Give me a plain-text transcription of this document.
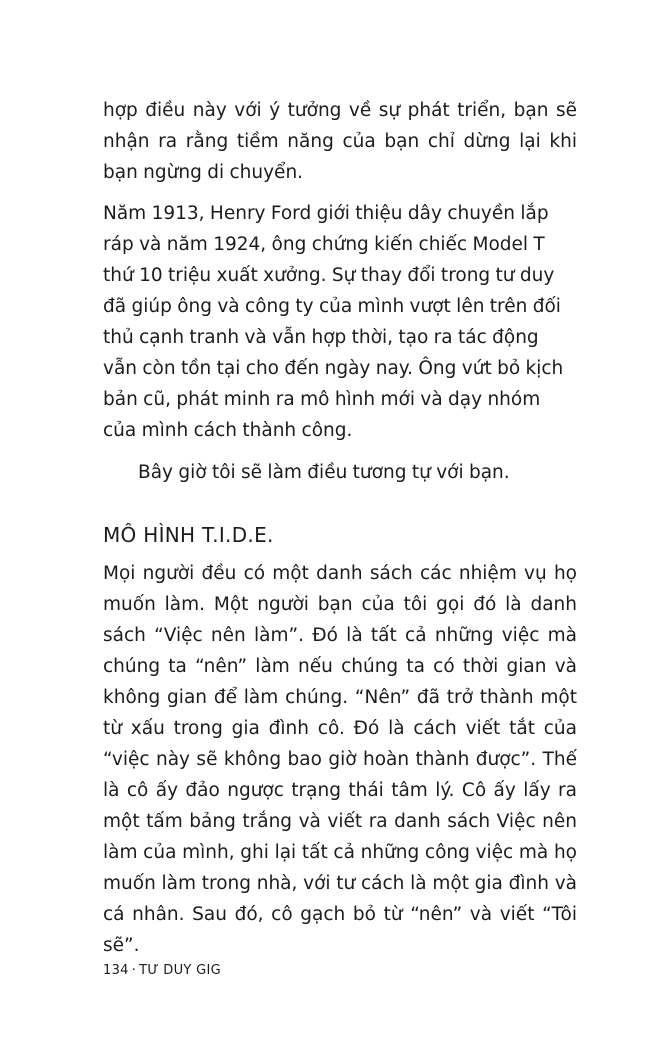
hợp điều này với ý tưởng về sự phát triển, bạn sẽ nhận ra rằng tiềm năng của bạn chỉ dừng lại khi bạn ngừng di chuyển.

Năm 1913, Henry Ford giới thiệu dây chuyền lắp ráp và năm 1924, ông chứng kiến chiếc Model T thứ 10 triệu xuất xưởng. Sự thay đổi trong tư duy đã giúp ông và công ty của mình vượt lên trên đối thủ cạnh tranh và vẫn hợp thời, tạo ra tác động vẫn còn tồn tại cho đến ngày nay. Ông vứt bỏ kịch bản cũ, phát minh ra mô hình mới và dạy nhóm của mình cách thành công.

Bây giờ tôi sẽ làm điều tương tự với bạn.

MÔ HÌNH T.I.D.E.

Mọi người đều có một danh sách các nhiệm vụ họ muốn làm. Một người bạn của tôi gọi đó là danh sách “Việc nên làm”. Đó là tất cả những việc mà chúng ta “nên” làm nếu chúng ta có thời gian và không gian để làm chúng. “Nên” đã trở thành một từ xấu trong gia đình cô. Đó là cách viết tắt của “việc này sẽ không bao giờ hoàn thành được”. Thế là cô ấy đảo ngược trạng thái tâm lý. Cô ấy lấy ra một tấm bảng trắng và viết ra danh sách Việc nên làm của mình, ghi lại tất cả những công việc mà họ muốn làm trong nhà, với tư cách là một gia đình và cá nhân. Sau đó, cô gạch bỏ từ “nên” và viết “Tôi sẽ”.

134 · TƯ DUY GIG
